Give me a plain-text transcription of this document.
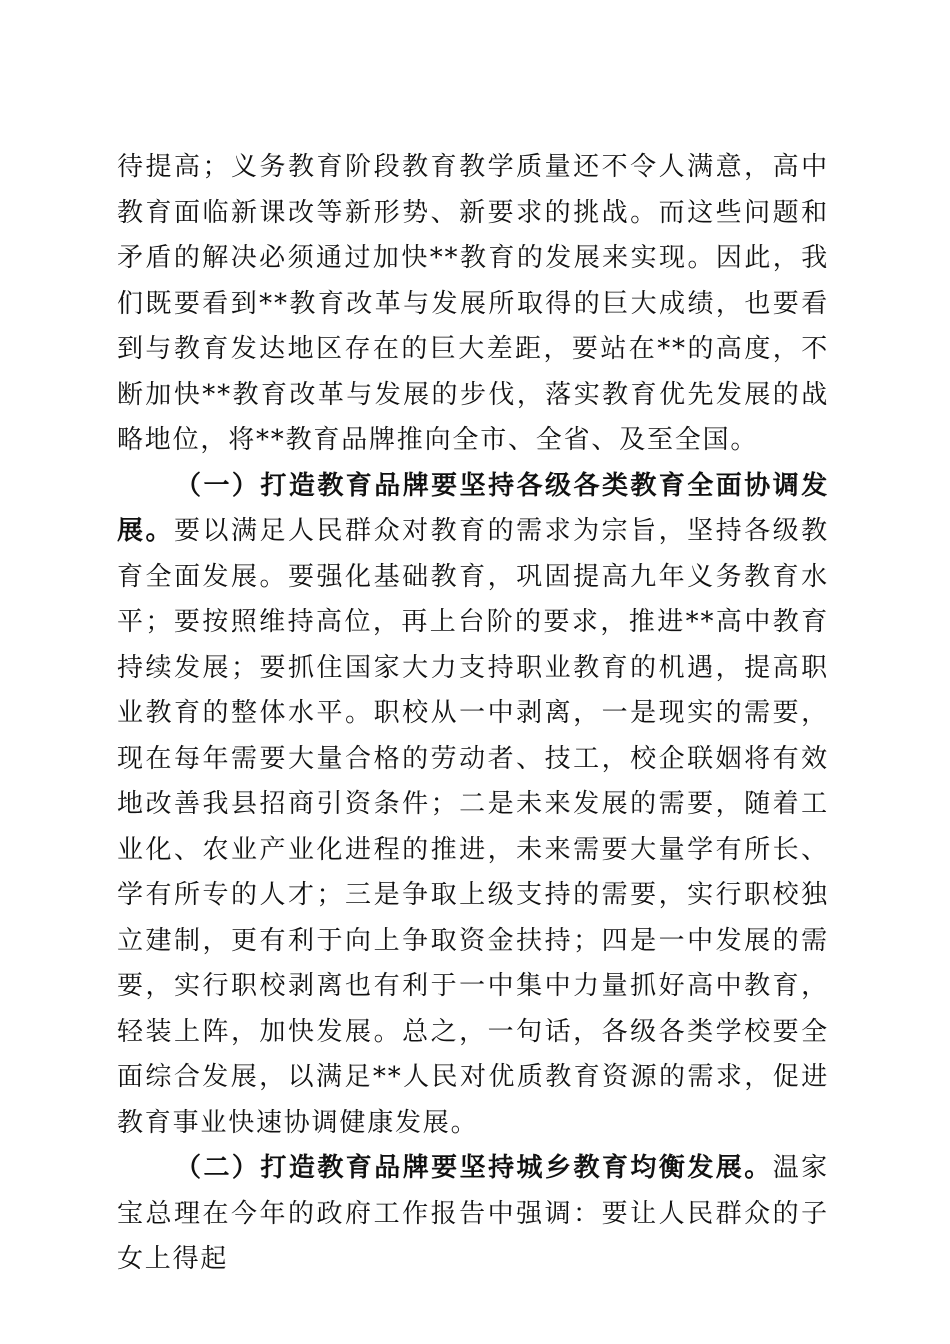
待提高；义务教育阶段教育教学质量还不令人满意，高中教育面临新课改等新形势、新要求的挑战。而这些问题和矛盾的解决必须通过加快**教育的发展来实现。因此，我们既要看到**教育改革与发展所取得的巨大成绩，也要看到与教育发达地区存在的巨大差距，要站在**的高度，不断加快**教育改革与发展的步伐，落实教育优先发展的战略地位，将**教育品牌推向全市、全省、及至全国。

（一）打造教育品牌要坚持各级各类教育全面协调发展。要以满足人民群众对教育的需求为宗旨，坚持各级教育全面发展。要强化基础教育，巩固提高九年义务教育水平；要按照维持高位，再上台阶的要求，推进**高中教育持续发展；要抓住国家大力支持职业教育的机遇，提高职业教育的整体水平。职校从一中剥离，一是现实的需要，现在每年需要大量合格的劳动者、技工，校企联姻将有效地改善我县招商引资条件；二是未来发展的需要，随着工业化、农业产业化进程的推进，未来需要大量学有所长、学有所专的人才；三是争取上级支持的需要，实行职校独立建制，更有利于向上争取资金扶持；四是一中发展的需要，实行职校剥离也有利于一中集中力量抓好高中教育，轻装上阵，加快发展。总之，一句话，各级各类学校要全面综合发展，以满足**人民对优质教育资源的需求，促进教育事业快速协调健康发展。

（二）打造教育品牌要坚持城乡教育均衡发展。温家宝总理在今年的政府工作报告中强调：要让人民群众的子女上得起
